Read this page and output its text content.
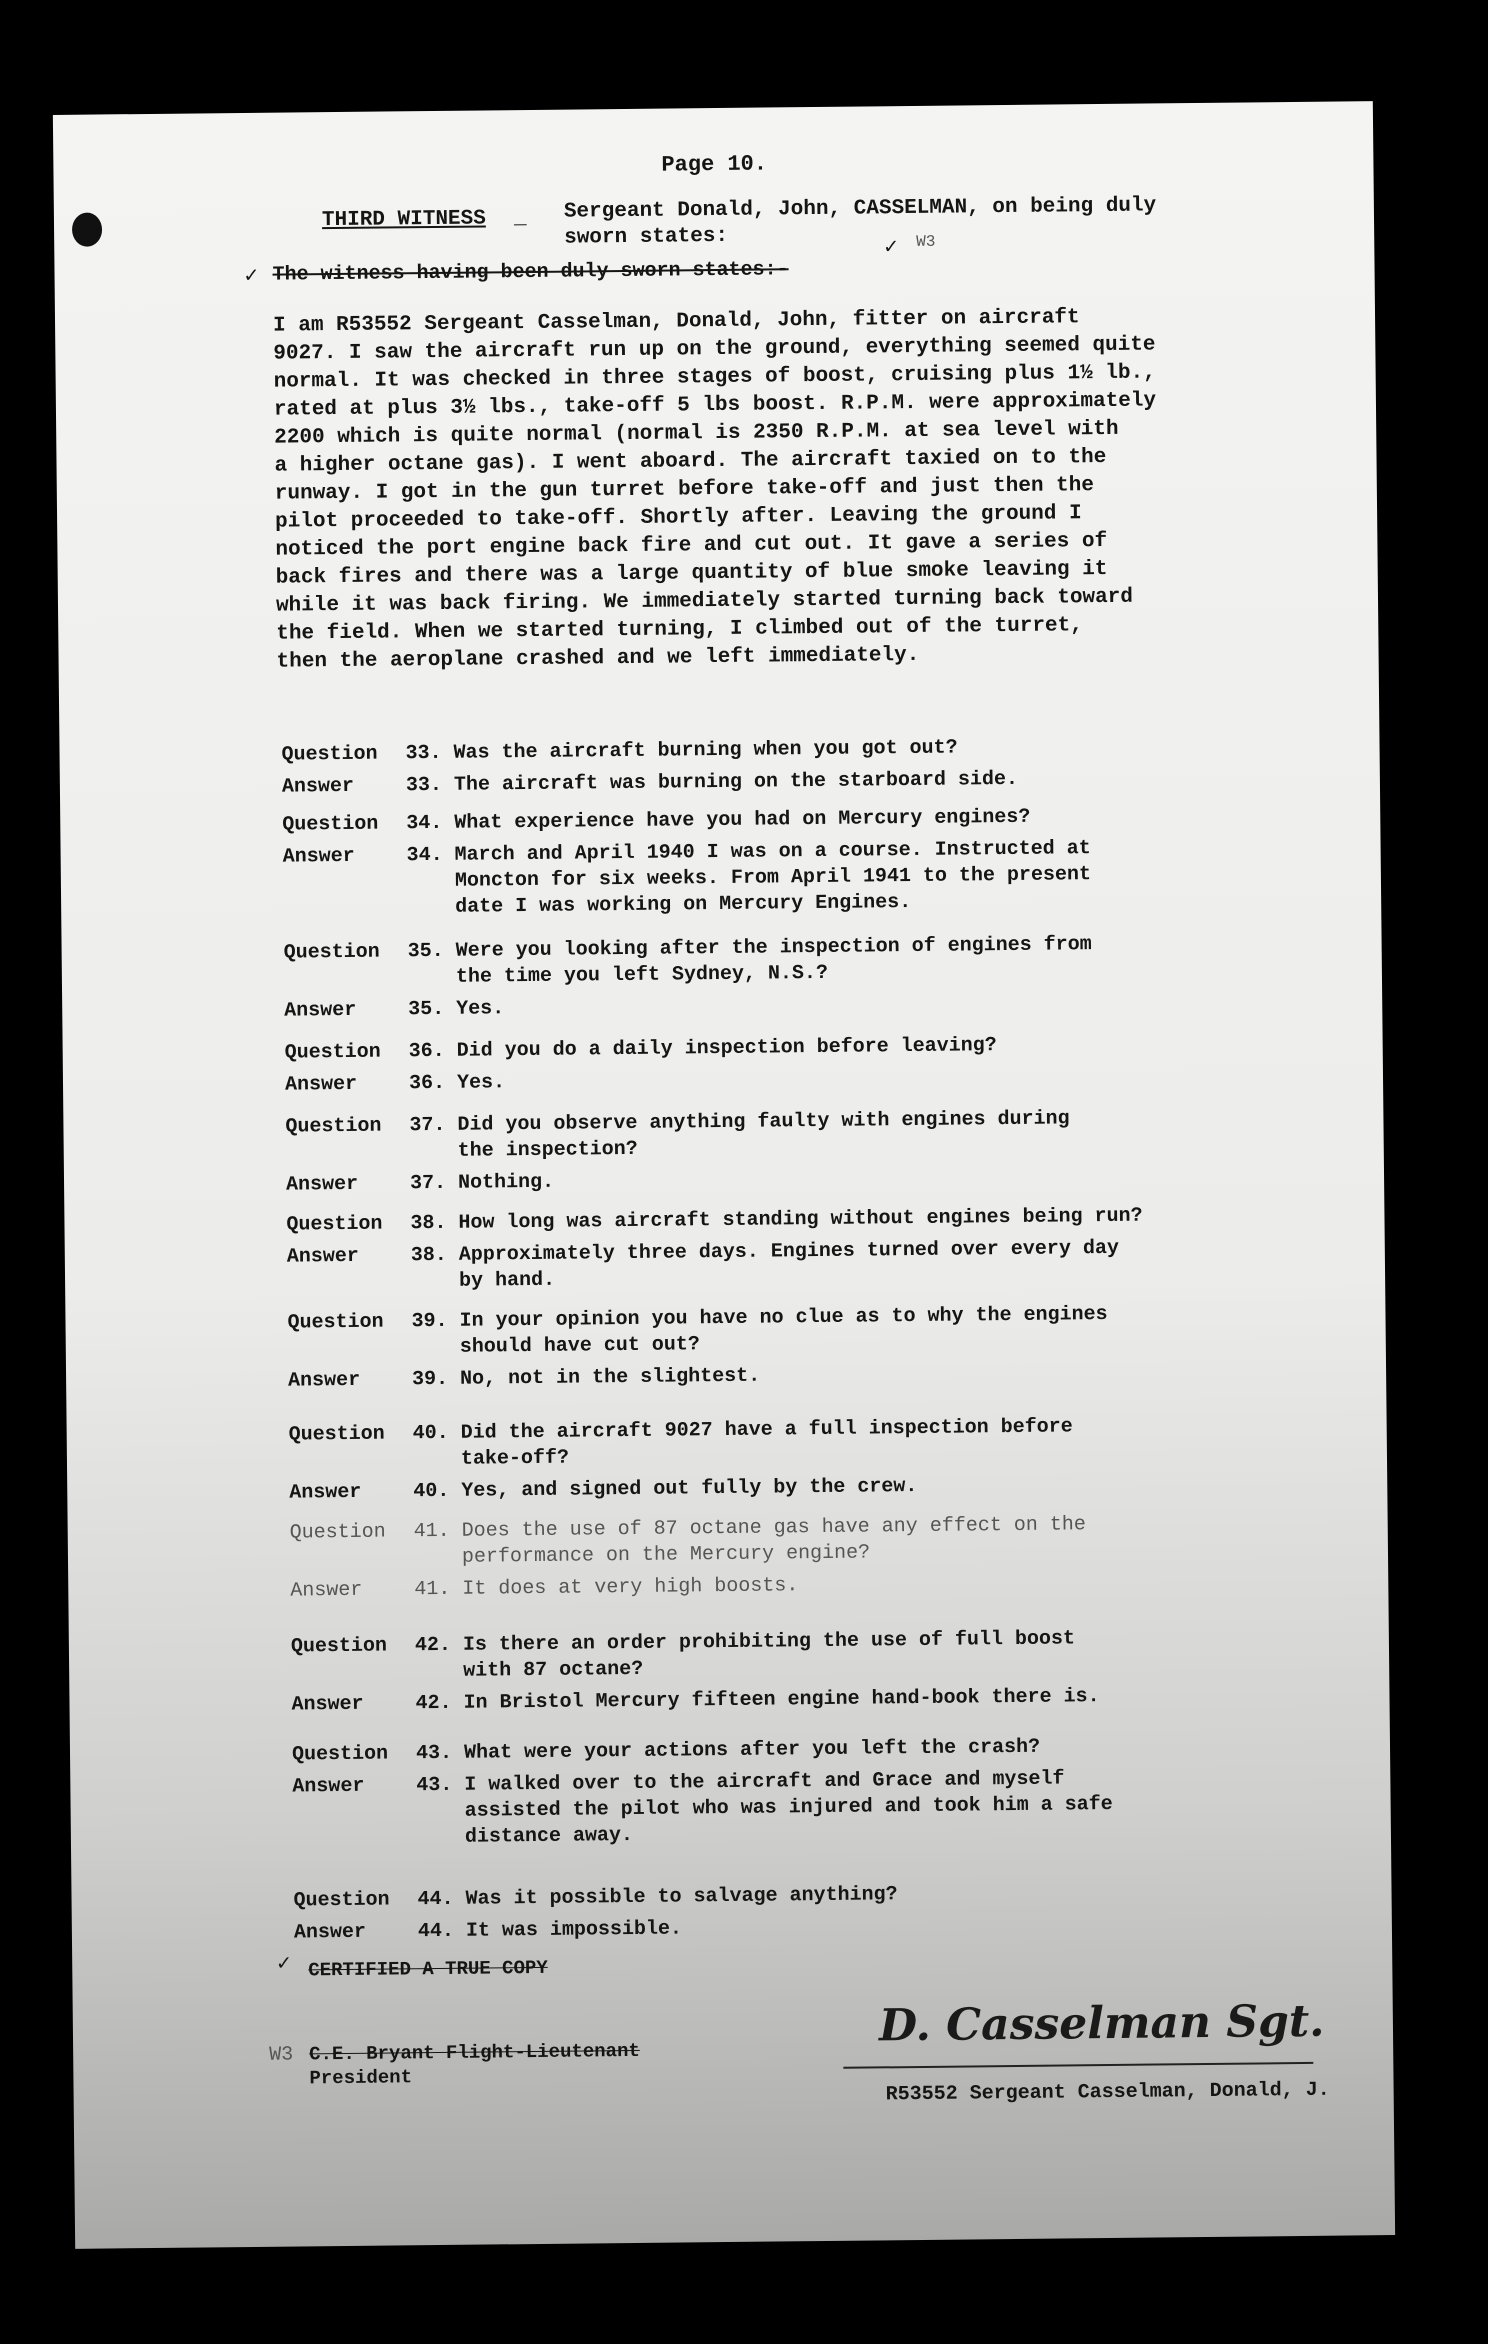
Page 10.
THIRD WITNESS _ Sergeant Donald, John, CASSELMAN, on being duly
sworn states:
✓ The witness having been duly sworn states:-
✓ W3
I am R53552 Sergeant Casselman, Donald, John, fitter on aircraft
9027. I saw the aircraft run up on the ground, everything seemed quite
normal. It was checked in three stages of boost, cruising plus 1½ lb.,
rated at plus 3½ lbs., take-off 5 lbs boost. R.P.M. were approximately
2200 which is quite normal (normal is 2350 R.P.M. at sea level with
a higher octane gas). I went aboard. The aircraft taxied on to the
runway. I got in the gun turret before take-off and just then the
pilot proceeded to take-off. Shortly after. Leaving the ground I
noticed the port engine back fire and cut out. It gave a series of
back fires and there was a large quantity of blue smoke leaving it
while it was back firing. We immediately started turning back toward
the field. When we started turning, I climbed out of the turret,
then the aeroplane crashed and we left immediately.
Question	33. Was the aircraft burning when you got out?
Answer	33. The aircraft was burning on the starboard side.
Question	34. What experience have you had on Mercury engines?
Answer	34. March and April 1940 I was on a course. Instructed at
Moncton for six weeks. From April 1941 to the present
date I was working on Mercury Engines.
Question	35. Were you looking after the inspection of engines from
the time you left Sydney, N.S.?
Answer	35. Yes.
Question	36. Did you do a daily inspection before leaving?
Answer	36. Yes.
Question	37. Did you observe anything faulty with engines during
the inspection?
Answer	37. Nothing.
Question	38. How long was aircraft standing without engines being run?
Answer	38. Approximately three days. Engines turned over every day
by hand.
Question	39. In your opinion you have no clue as to why the engines
should have cut out?
Answer	39. No, not in the slightest.
Question	40. Did the aircraft 9027 have a full inspection before
take-off?
Answer	40. Yes, and signed out fully by the crew.
Question	41. Does the use of 87 octane gas have any effect on the
performance on the Mercury engine?
Answer	41. It does at very high boosts.
Question	42. Is there an order prohibiting the use of full boost
with 87 octane?
Answer	42. In Bristol Mercury fifteen engine hand-book there is.
Question	43. What were your actions after you left the crash?
Answer	43. I walked over to the aircraft and Grace and myself
assisted the pilot who was injured and took him a safe
distance away.
Question	44. Was it possible to salvage anything?
Answer	44. It was impossible.
✓ CERTIFIED A TRUE COPY
W3 C.E. Bryant Flight-Lieutenant
President
D. Casselman Sgt.
R53552 Sergeant Casselman, Donald, J.
